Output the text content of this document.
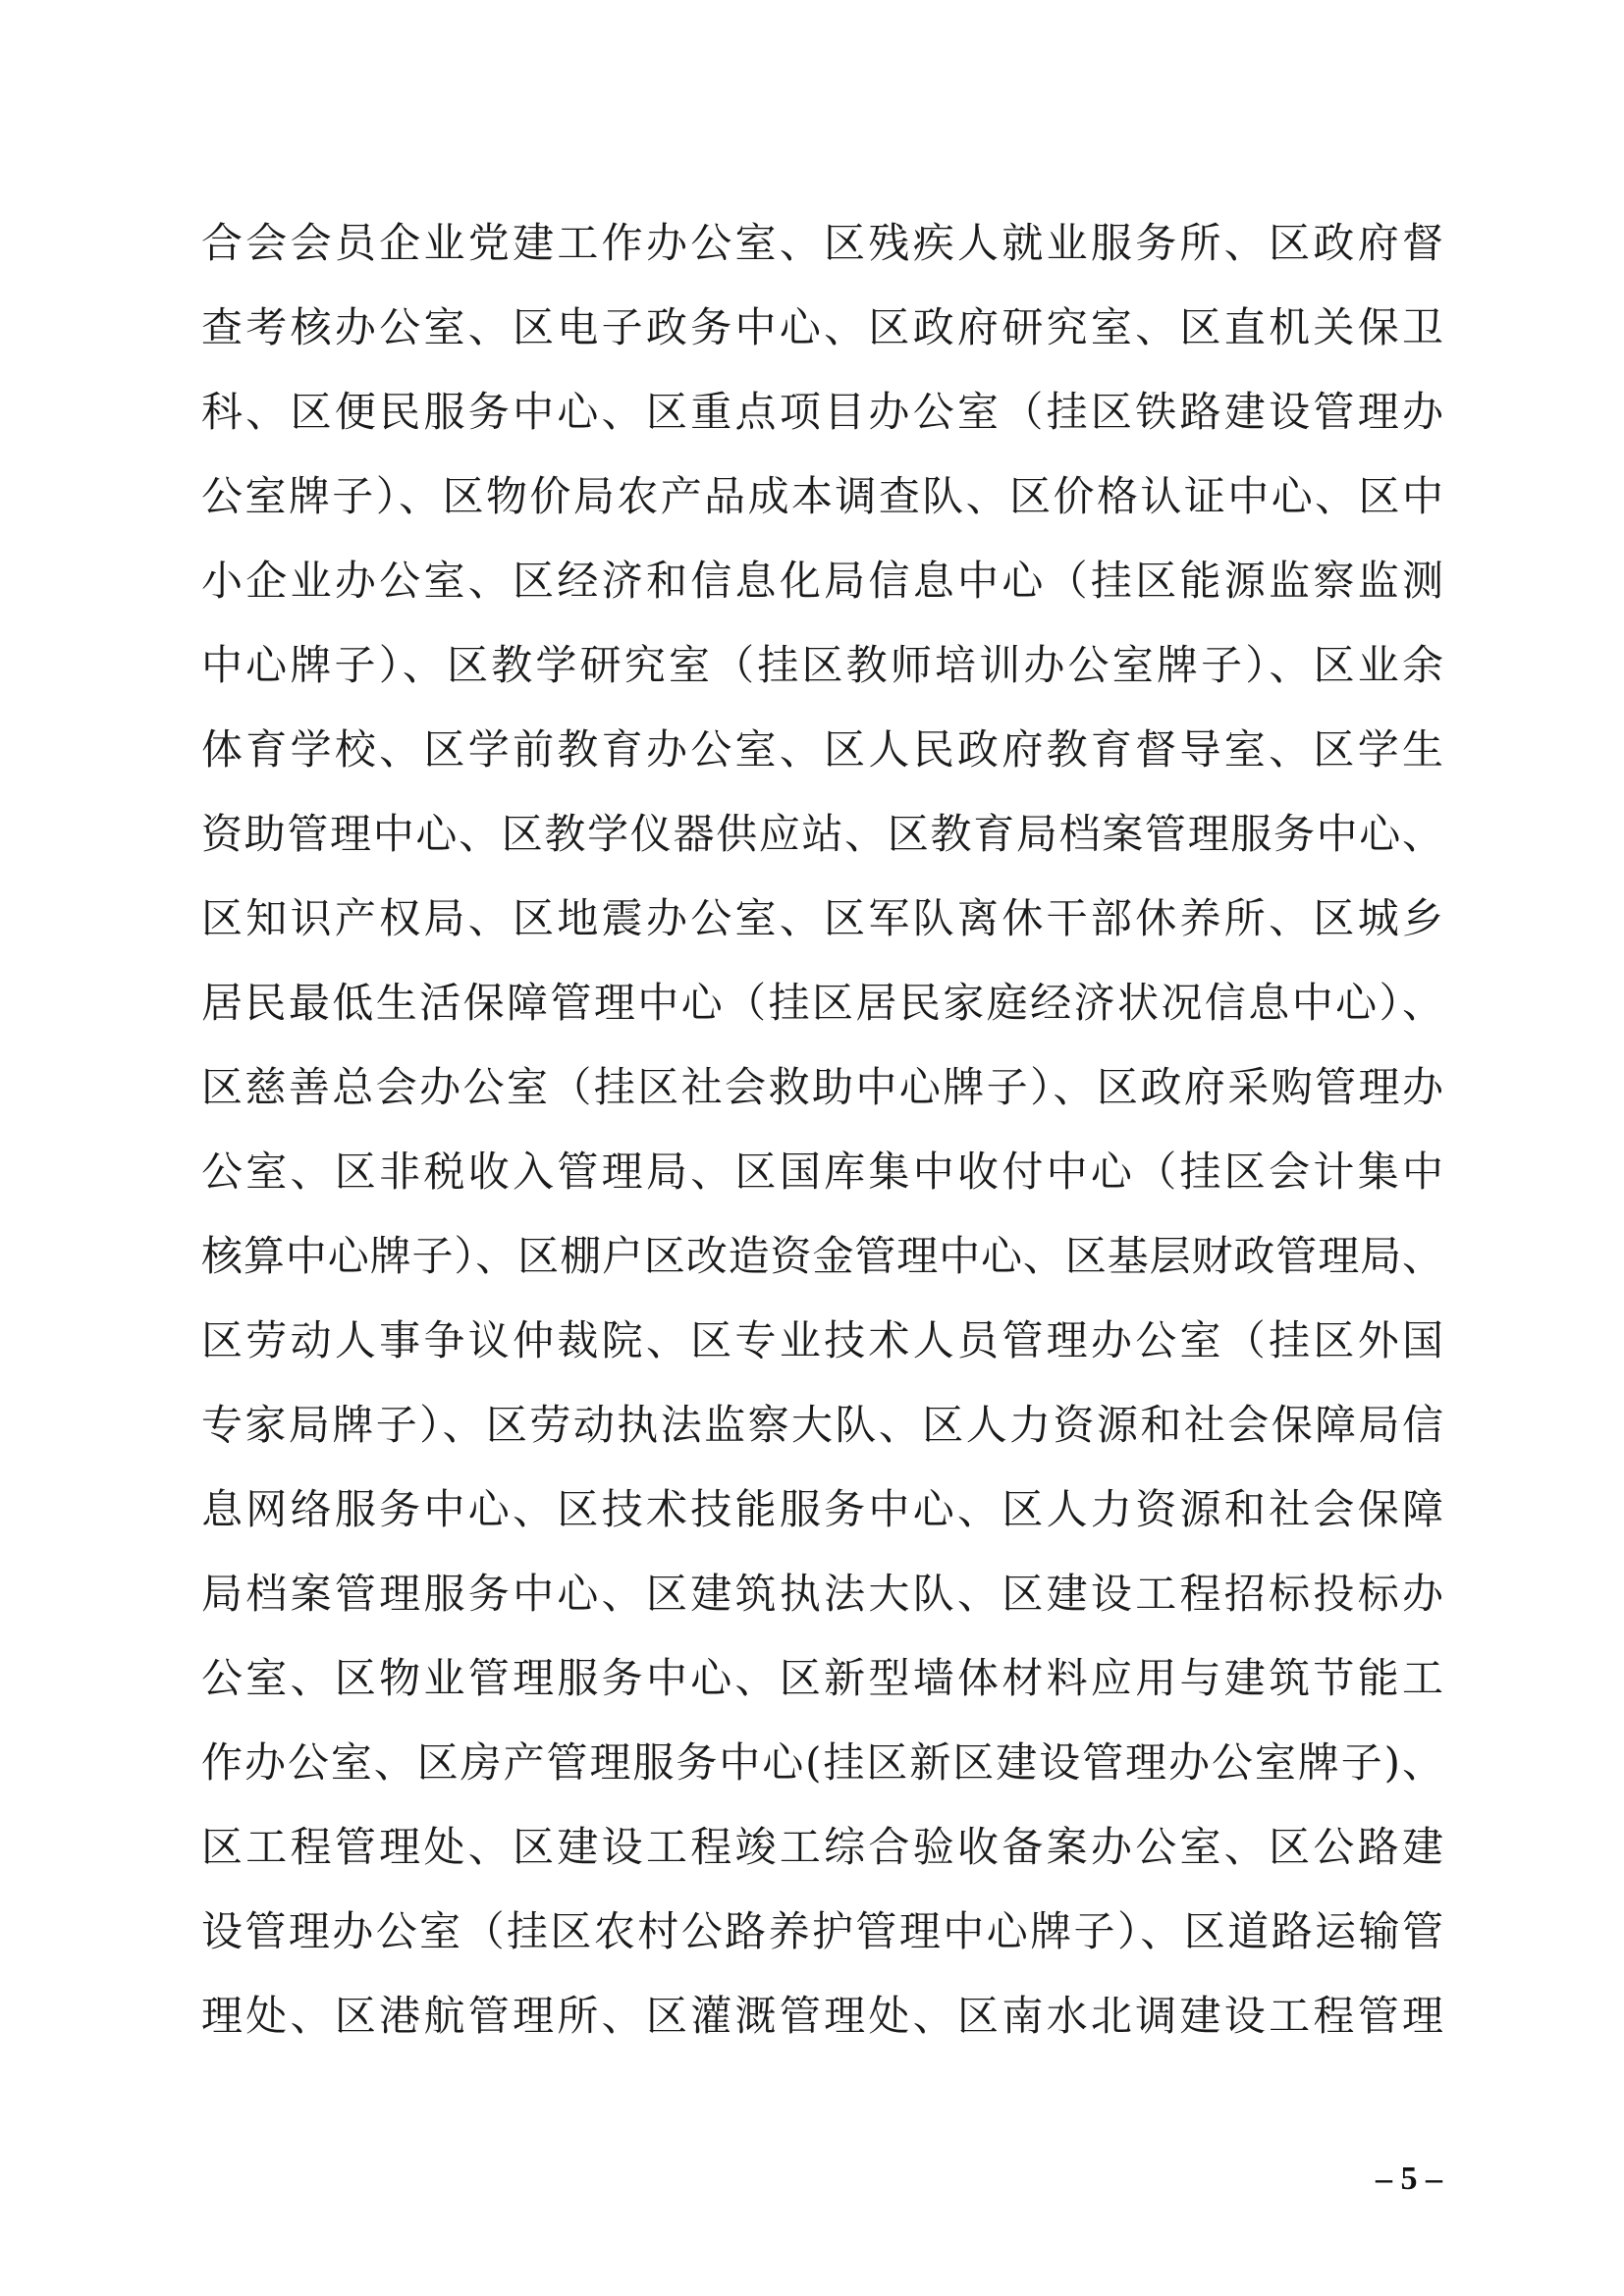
合会会员企业党建工作办公室、区残疾人就业服务所、区政府督
查考核办公室、区电子政务中心、区政府研究室、区直机关保卫
科、区便民服务中心、区重点项目办公室（挂区铁路建设管理办
公室牌子）、区物价局农产品成本调查队、区价格认证中心、区中
小企业办公室、区经济和信息化局信息中心（挂区能源监察监测
中心牌子）、区教学研究室（挂区教师培训办公室牌子）、区业余
体育学校、区学前教育办公室、区人民政府教育督导室、区学生
资助管理中心、区教学仪器供应站、区教育局档案管理服务中心、
区知识产权局、区地震办公室、区军队离休干部休养所、区城乡
居民最低生活保障管理中心（挂区居民家庭经济状况信息中心）、
区慈善总会办公室（挂区社会救助中心牌子）、区政府采购管理办
公室、区非税收入管理局、区国库集中收付中心（挂区会计集中
核算中心牌子）、区棚户区改造资金管理中心、区基层财政管理局、
区劳动人事争议仲裁院、区专业技术人员管理办公室（挂区外国
专家局牌子）、区劳动执法监察大队、区人力资源和社会保障局信
息网络服务中心、区技术技能服务中心、区人力资源和社会保障
局档案管理服务中心、区建筑执法大队、区建设工程招标投标办
公室、区物业管理服务中心、区新型墙体材料应用与建筑节能工
作办公室、区房产管理服务中心(挂区新区建设管理办公室牌子)、
区工程管理处、区建设工程竣工综合验收备案办公室、区公路建
设管理办公室（挂区农村公路养护管理中心牌子）、区道路运输管
理处、区港航管理所、区灌溉管理处、区南水北调建设工程管理
– 5 –
